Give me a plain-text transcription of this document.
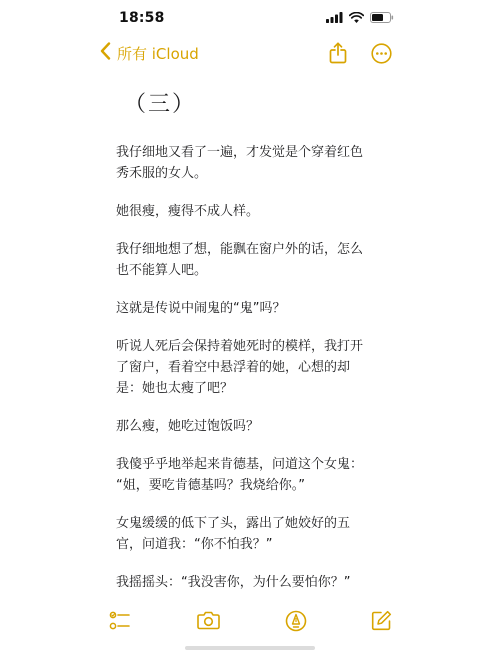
18:58
所有 iCloud
（三）

我仔细地又看了一遍，才发觉是个穿着红色
秀禾服的女人。

她很瘦，瘦得不成人样。

我仔细地想了想，能飘在窗户外的话，怎么
也不能算人吧。

这就是传说中闹鬼的“鬼”吗？

听说人死后会保持着她死时的模样，我打开
了窗户，看着空中悬浮着的她，心想的却
是：她也太瘦了吧？

那么瘦，她吃过饱饭吗？

我傻乎乎地举起来肯德基，问道这个女鬼：
“姐，要吃肯德基吗？我烧给你。”

女鬼缓缓的低下了头，露出了她姣好的五
官，问道我：“你不怕我？”

我摇摇头：“我没害你，为什么要怕你？”
